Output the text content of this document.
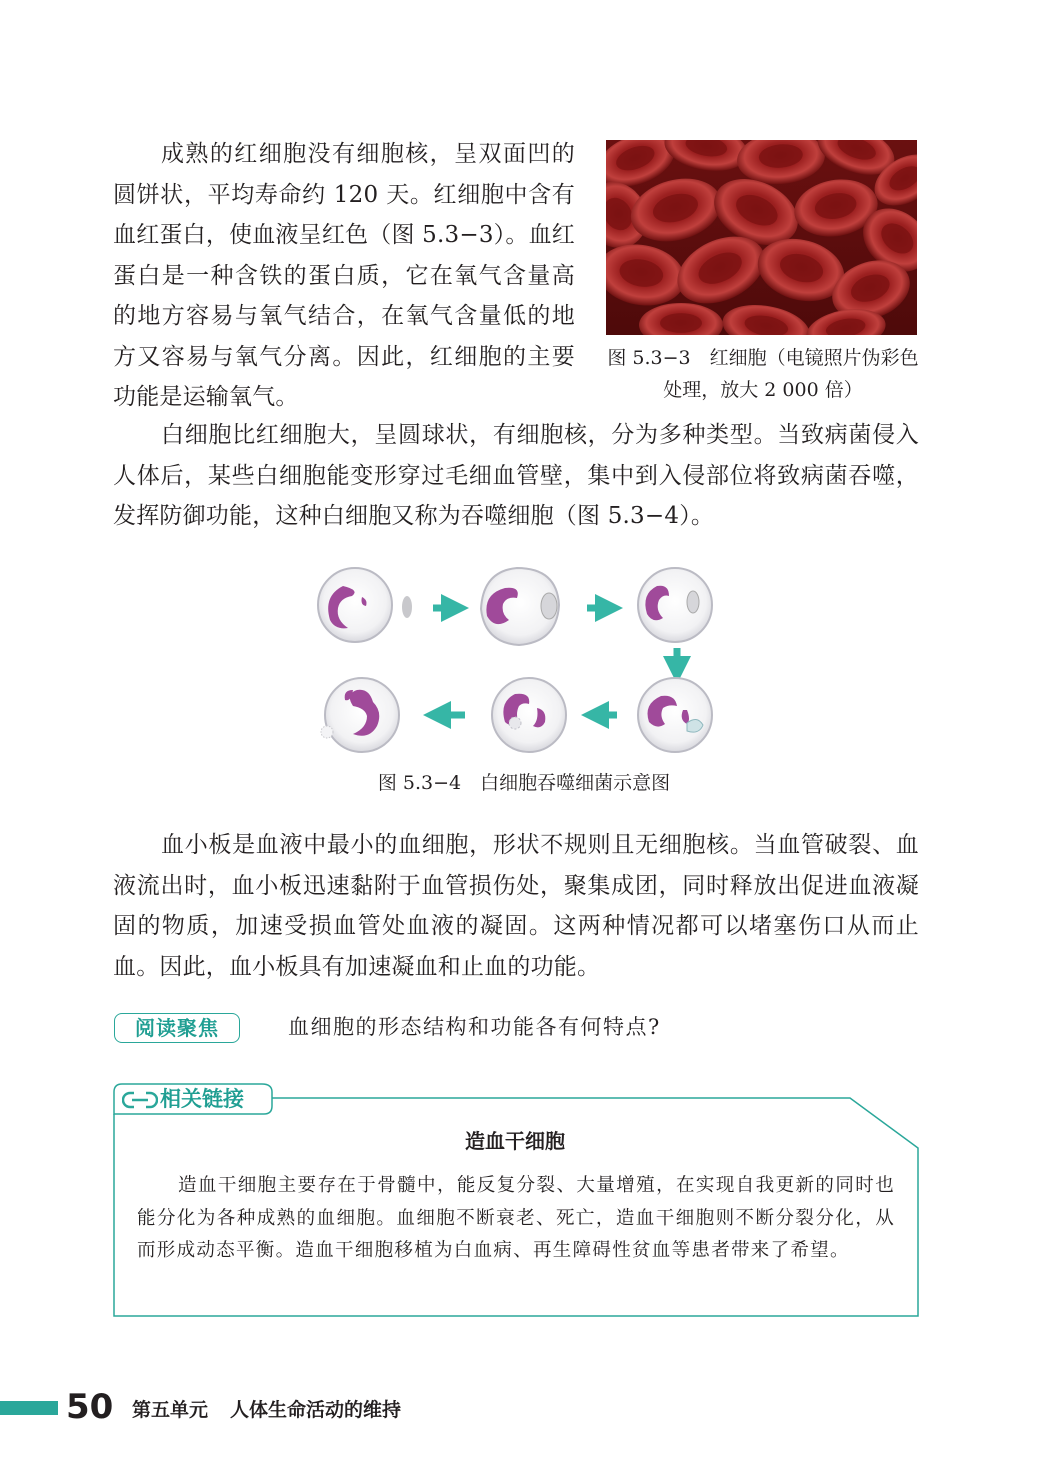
成熟的红细胞没有细胞核，呈双面凹的圆饼状，平均寿命约 120 天。红细胞中含有血红蛋白，使血液呈红色（图 5.3−3）。血红蛋白是一种含铁的蛋白质，它在氧气含量高的地方容易与氧气结合，在氧气含量低的地方又容易与氧气分离。因此，红细胞的主要功能是运输氧气。

图 5.3−3　红细胞（电镜照片伪彩色处理，放大 2 000 倍）

白细胞比红细胞大，呈圆球状，有细胞核，分为多种类型。当致病菌侵入人体后，某些白细胞能变形穿过毛细血管壁，集中到入侵部位将致病菌吞噬，发挥防御功能，这种白细胞又称为吞噬细胞（图 5.3−4）。

图 5.3−4　白细胞吞噬细菌示意图

血小板是血液中最小的血细胞，形状不规则且无细胞核。当血管破裂、血液流出时，血小板迅速黏附于血管损伤处，聚集成团，同时释放出促进血液凝固的物质，加速受损血管处血液的凝固。这两种情况都可以堵塞伤口从而止血。因此，血小板具有加速凝血和止血的功能。

阅读聚焦	血细胞的形态结构和功能各有何特点?
相关链接
造血干细胞

造血干细胞主要存在于骨髓中，能反复分裂、大量增殖，在实现自我更新的同时也能分化为各种成熟的血细胞。血细胞不断衰老、死亡，造血干细胞则不断分裂分化，从而形成动态平衡。造血干细胞移植为白血病、再生障碍性贫血等患者带来了希望。

50 第五单元 人体生命活动的维持
